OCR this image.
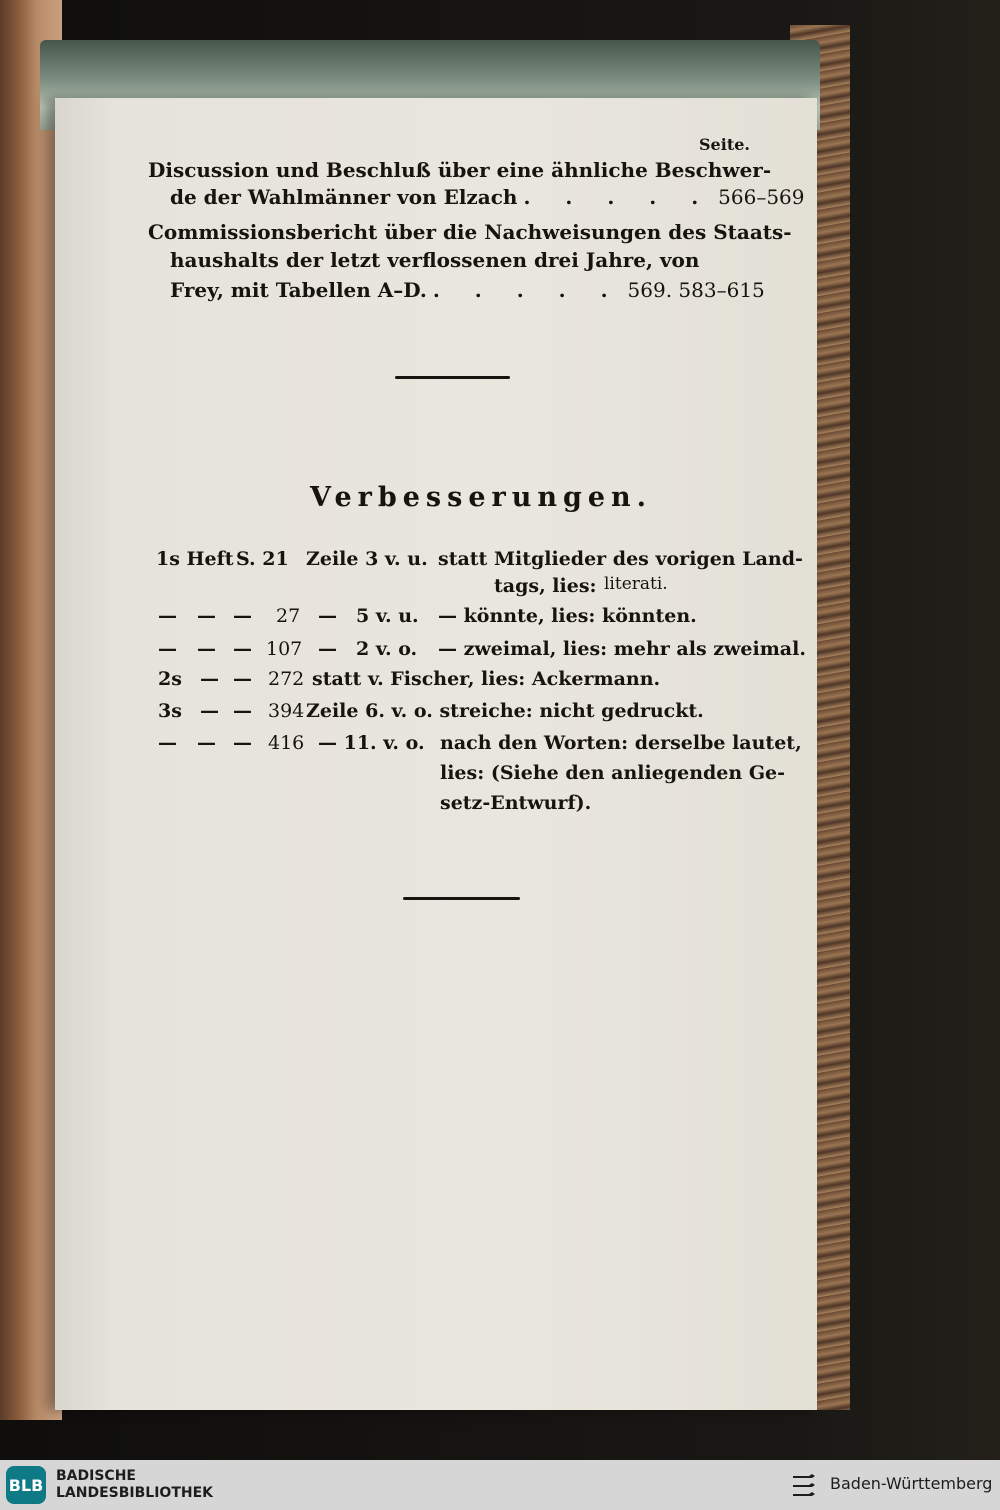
Seite.
Discussion und Beschluß über eine ähnliche Beschwer-
de der Wahlmänner von Elzach . . . . . 566–569
Commissionsbericht über die Nachweisungen des Staats-
haushalts der letzt verflossenen drei Jahre, von
Frey, mit Tabellen A–D. . . . . . 569. 583–615
Verbesserungen.
1s Heft S. 21 Zeile 3 v. u. statt Mitglieder des vorigen Land-
tags, lies: literati.
— — — 27 — 5 v. u. — könnte, lies: könnten.
— — — 107 — 2 v. o. — zweimal, lies: mehr als zweimal.
2s — — 272 statt v. Fischer, lies: Ackermann.
3s — — 394 Zeile 6. v. o. streiche: nicht gedruckt.
— — — 416 — 11. v. o. nach den Worten: derselbe lautet,
lies: (Siehe den anliegenden Ge-
setz-Entwurf).
BLB BADISCHE
LANDESBIBLIOTHEK	Baden-Württemberg
